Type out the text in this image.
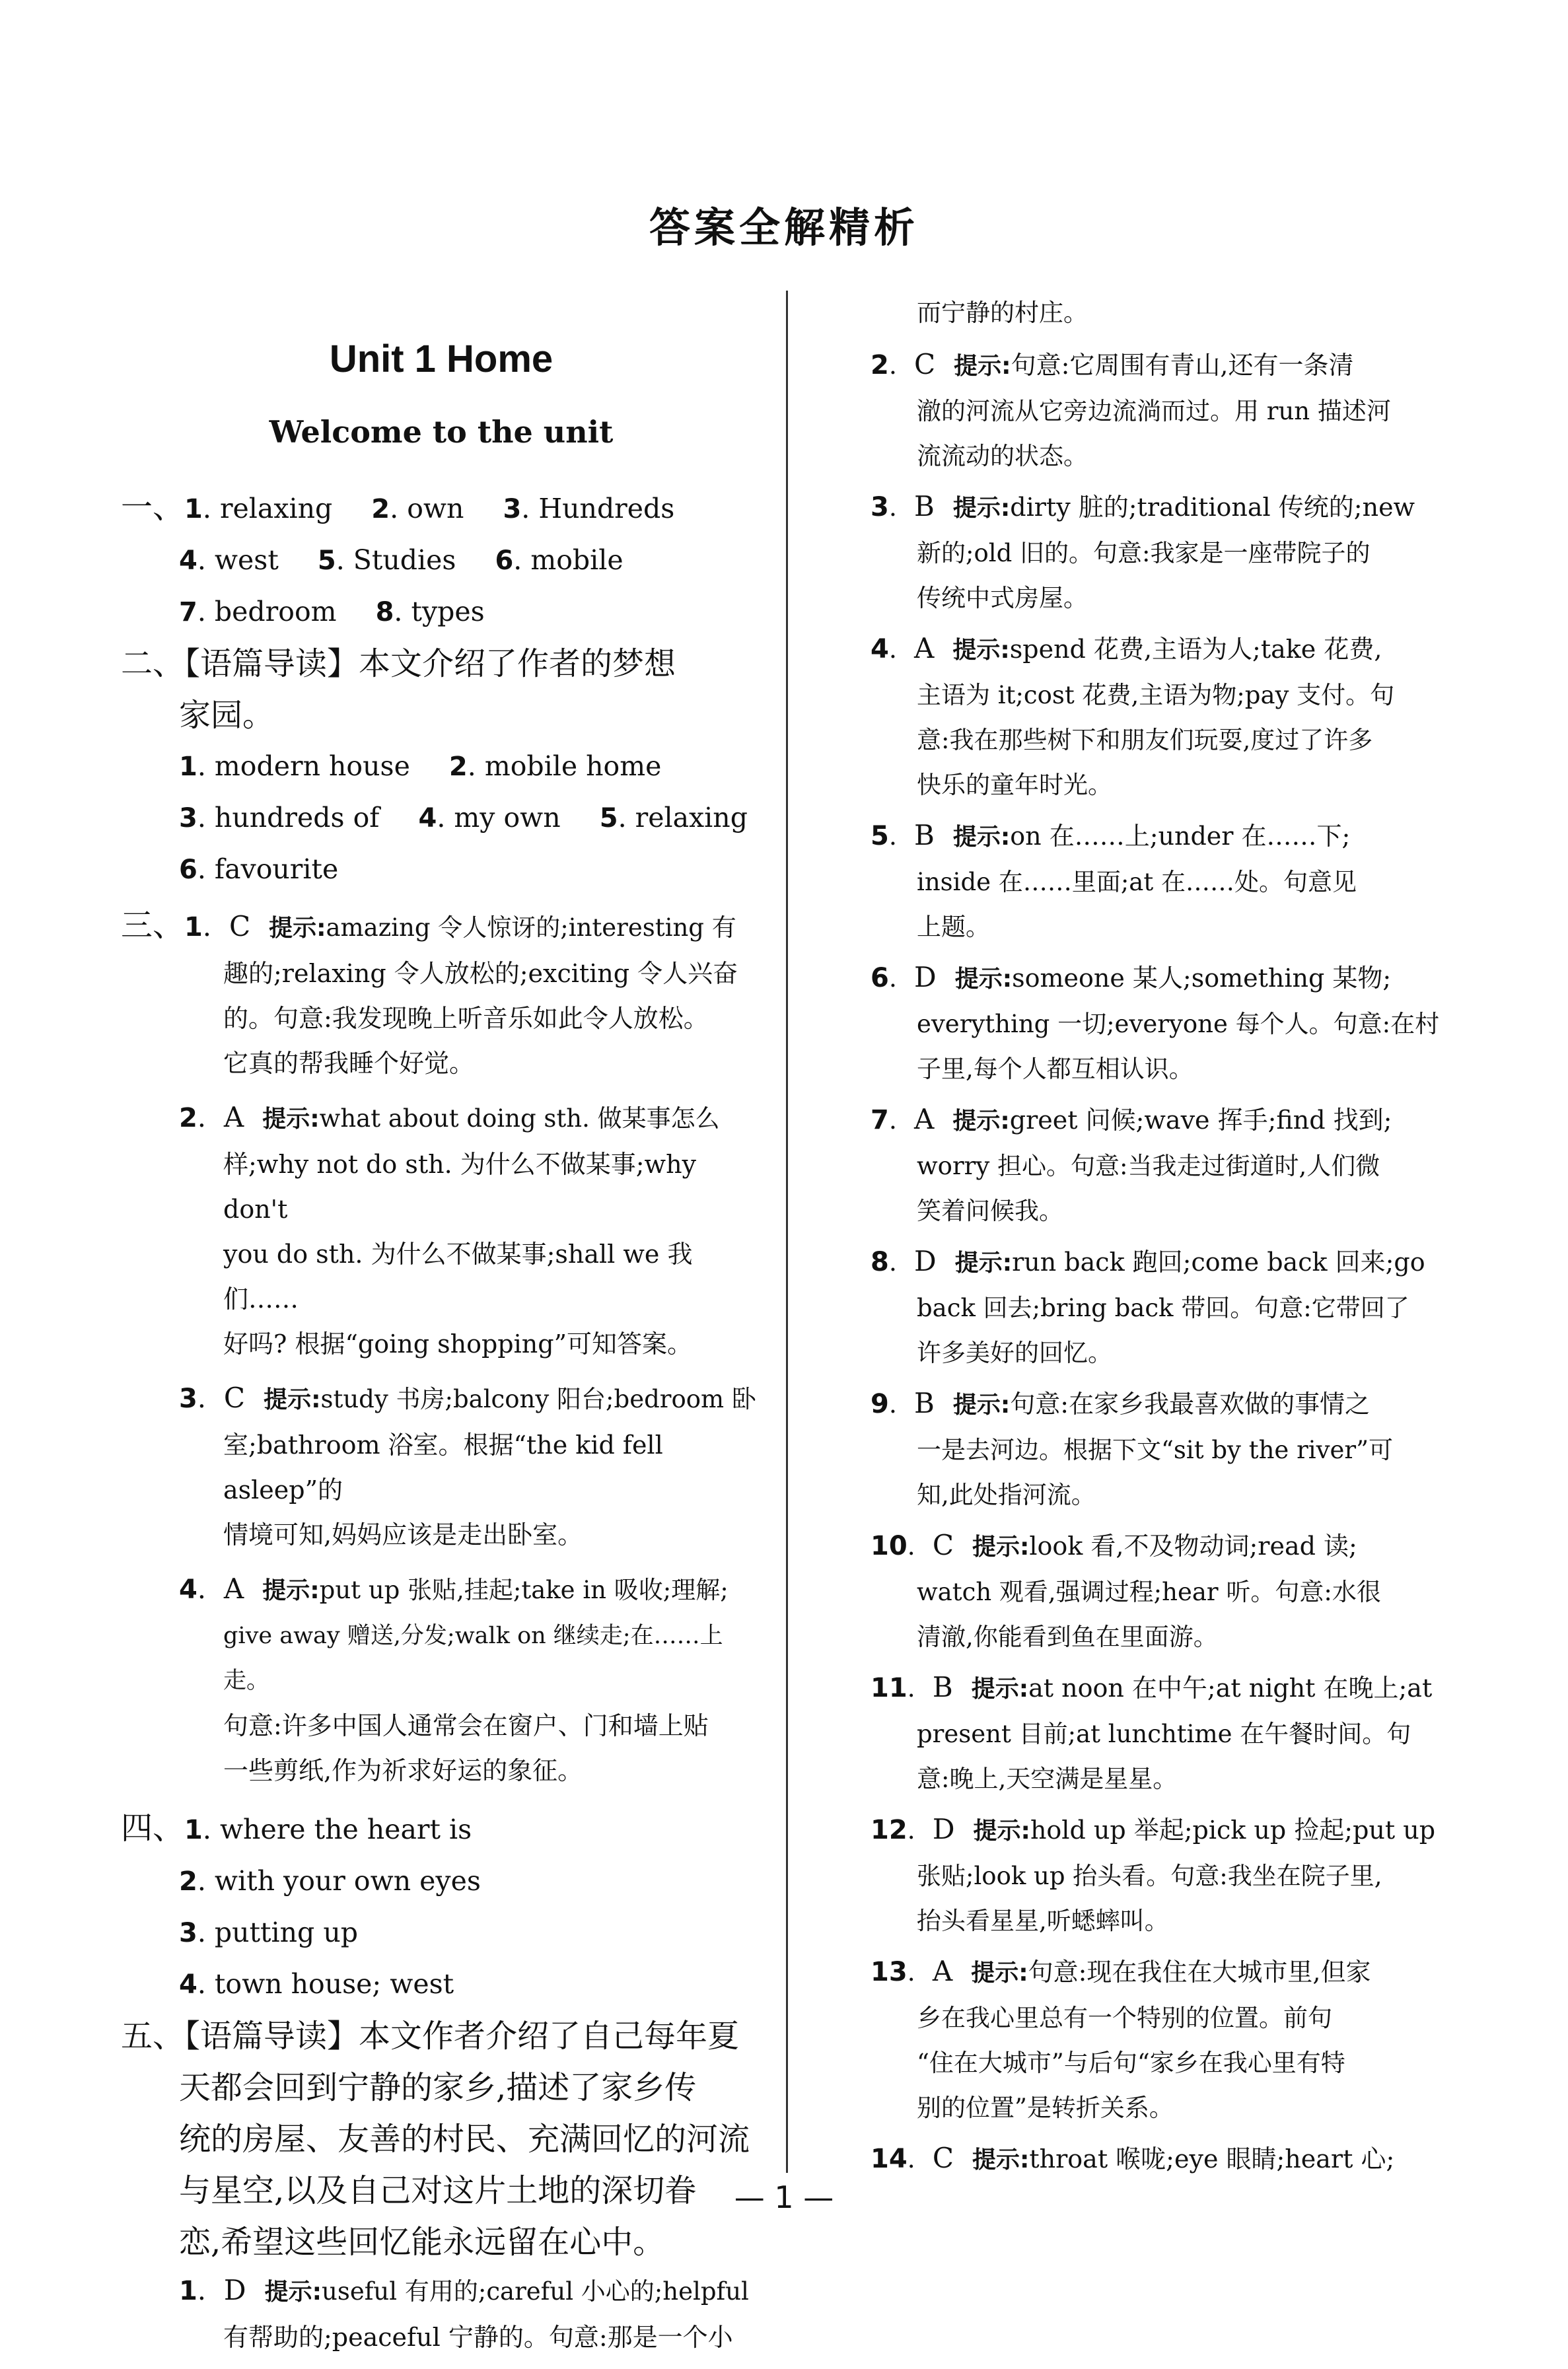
答案全解精析
Unit 1 Home
Welcome to the unit
一、1. relaxing 2. own 3. Hundreds
4. west 5. Studies 6. mobile
7. bedroom 8. types
二、【语篇导读】本文介绍了作者的梦想
家园。
1. modern house 2. mobile home
3. hundreds of 4. my own 5. relaxing
6. favourite
三、1. C 提示:amazing 令人惊讶的;interesting 有
趣的;relaxing 令人放松的;exciting 令人兴奋
的。句意:我发现晚上听音乐如此令人放松。
它真的帮我睡个好觉。
2. A 提示:what about doing sth. 做某事怎么
样;why not do sth. 为什么不做某事;why don't
you do sth. 为什么不做某事;shall we 我们……
好吗? 根据“going shopping”可知答案。
3. C 提示:study 书房;balcony 阳台;bedroom 卧
室;bathroom 浴室。根据“the kid fell asleep”的
情境可知,妈妈应该是走出卧室。
4. A 提示:put up 张贴,挂起;take in 吸收;理解;
give away 赠送,分发;walk on 继续走;在……上走。
句意:许多中国人通常会在窗户、门和墙上贴
一些剪纸,作为祈求好运的象征。
四、1. where the heart is
2. with your own eyes
3. putting up
4. town house; west
五、【语篇导读】本文作者介绍了自己每年夏
天都会回到宁静的家乡,描述了家乡传
统的房屋、友善的村民、充满回忆的河流
与星空,以及自己对这片土地的深切眷
恋,希望这些回忆能永远留在心中。
1. D 提示:useful 有用的;careful 小心的;helpful
有帮助的;peaceful 宁静的。句意:那是一个小
而宁静的村庄。
2. C 提示:句意:它周围有青山,还有一条清
澈的河流从它旁边流淌而过。用 run 描述河
流流动的状态。
3. B 提示:dirty 脏的;traditional 传统的;new
新的;old 旧的。句意:我家是一座带院子的
传统中式房屋。
4. A 提示:spend 花费,主语为人;take 花费,
主语为 it;cost 花费,主语为物;pay 支付。句
意:我在那些树下和朋友们玩耍,度过了许多
快乐的童年时光。
5. B 提示:on 在……上;under 在……下;
inside 在……里面;at 在……处。句意见
上题。
6. D 提示:someone 某人;something 某物;
everything 一切;everyone 每个人。句意:在村
子里,每个人都互相认识。
7. A 提示:greet 问候;wave 挥手;find 找到;
worry 担心。句意:当我走过街道时,人们微
笑着问候我。
8. D 提示:run back 跑回;come back 回来;go
back 回去;bring back 带回。句意:它带回了
许多美好的回忆。
9. B 提示:句意:在家乡我最喜欢做的事情之
一是去河边。根据下文“sit by the river”可
知,此处指河流。
10. C 提示:look 看,不及物动词;read 读;
watch 观看,强调过程;hear 听。句意:水很
清澈,你能看到鱼在里面游。
11. B 提示:at noon 在中午;at night 在晚上;at
present 目前;at lunchtime 在午餐时间。句
意:晚上,天空满是星星。
12. D 提示:hold up 举起;pick up 捡起;put up
张贴;look up 抬头看。句意:我坐在院子里,
抬头看星星,听蟋蟀叫。
13. A 提示:句意:现在我住在大城市里,但家
乡在我心里总有一个特别的位置。前句
“住在大城市”与后句“家乡在我心里有特
别的位置”是转折关系。
14. C 提示:throat 喉咙;eye 眼睛;heart 心;
— 1 —
